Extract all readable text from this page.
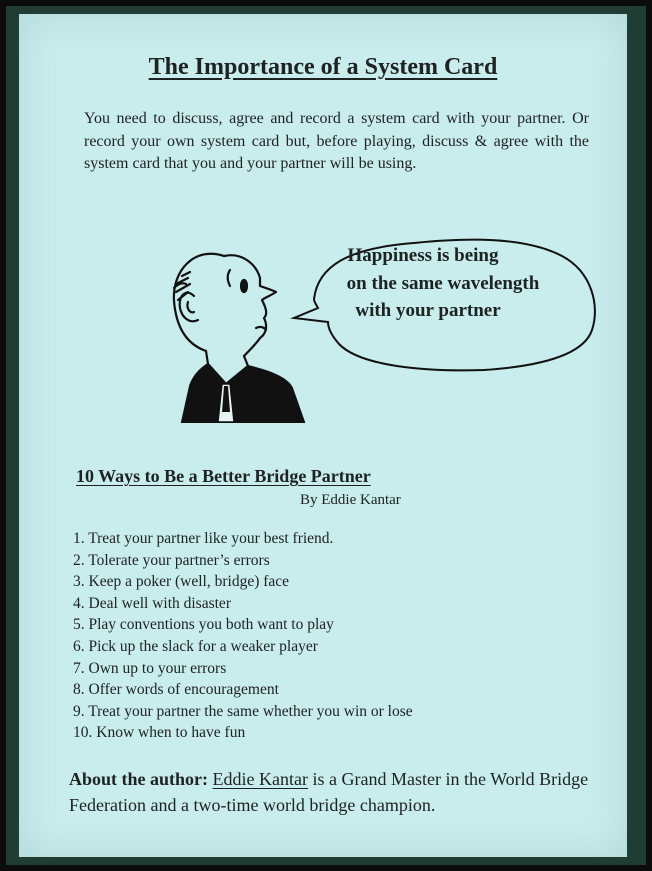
The Importance of a System Card

You need to discuss, agree and record a system card with your partner. Or record your own system card but, before playing, discuss & agree with the system card that you and your partner will be using.

Happiness is being
on the same wavelength
with your partner
10 Ways to Be a Better Bridge Partner
By Eddie Kantar
1. Treat your partner like your best friend.
2. Tolerate your partner’s errors
3. Keep a poker (well, bridge) face
4. Deal well with disaster
5. Play conventions you both want to play
6. Pick up the slack for a weaker player
7. Own up to your errors
8. Offer words of encouragement
9. Treat your partner the same whether you win or lose
10. Know when to have fun

About the author: Eddie Kantar is a Grand Master in the World Bridge Federation and a two-time world bridge champion.
